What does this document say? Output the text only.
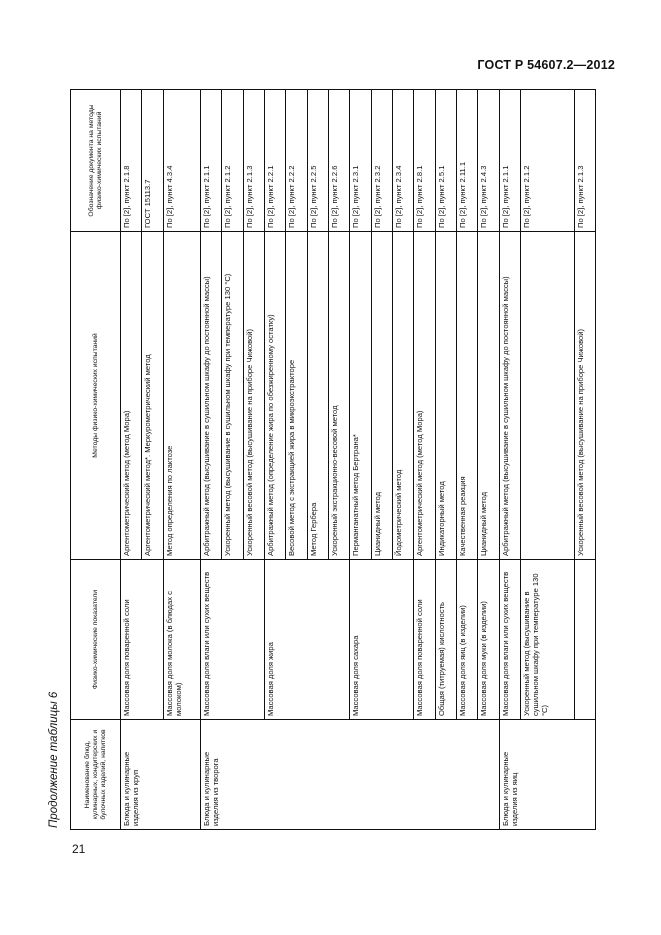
ГОСТ Р 54607.2—2012
Продолжение таблицы 6	Наименование блюд, кулинарных, кондитерских и булочных изделий, напитков	Физико-химические показатели	Методы физико-химических испытаний	Обозначение документа на методы физико-химических испытаний
Блюда и кулинарные изделия из круп	Массовая доля поваренной соли	Аргентометрический метод (метод Мора)	По [2], пункт 2.1.8
		Аргентометрический метод*. Меркурометрический метод	ГОСТ 15113.7
	Массовая доля молока (в блюдах с молоком)	Метод определения по лактозе	По [2], пункт 4.3.4
Блюда и кулинарные изделия из творога	Массовая доля влаги или сухих веществ	Арбитражный метод (высушивание в сушильном шкафу до постоянной массы)	По [2], пункт 2.1.1
		Ускоренный метод (высушивание в сушильном шкафу при температуре 130 °С)	По [2], пункт 2.1.2
		Ускоренный весовой метод (высушивание на приборе Чижовой)	По [2], пункт 2.1.3
	Массовая доля жира	Арбитражный метод (определение жира по обезжиренному остатку)	По [2], пункт 2.2.1
		Весовой метод с экстракцией жира в микроэкстракторе	По [2], пункт 2.2.2
		Метод Гербера	По [2], пункт 2.2.5
		Ускоренный экстракционно-весовой метод	По [2], пункт 2.2.6
	Массовая доля сахара	Перманганатный метод Бертрана*	По [2], пункт 2.3.1
		Цианидный метод	По [2], пункт 2.3.2
		Йодометрический метод	По [2], пункт 2.3.4
	Массовая доля поваренной соли	Аргентометрический метод (метод Мора)	По [2], пункт 2.8.1
	Общая (титруемая) кислотность	Индикаторный метод	По [2], пункт 2.5.1
	Массовая доля яиц (в изделии)	Качественная реакция	По [2], пункт 2.11.1
	Массовая доля муки (в изделии)	Цианидный метод	По [2], пункт 2.4.3
Блюда и кулинарные изделия из яиц	Массовая доля влаги или сухих веществ	Арбитражный метод (высушивание в сушильном шкафу до постоянной массы)	По [2], пункт 2.1.1
	Ускоренный метод (высушивание в сушильном шкафу при температуре 130 °С)		По [2], пункт 2.1.2
		Ускоренный весовой метод (высушивание на приборе Чижовой)	По [2], пункт 2.1.3
21
